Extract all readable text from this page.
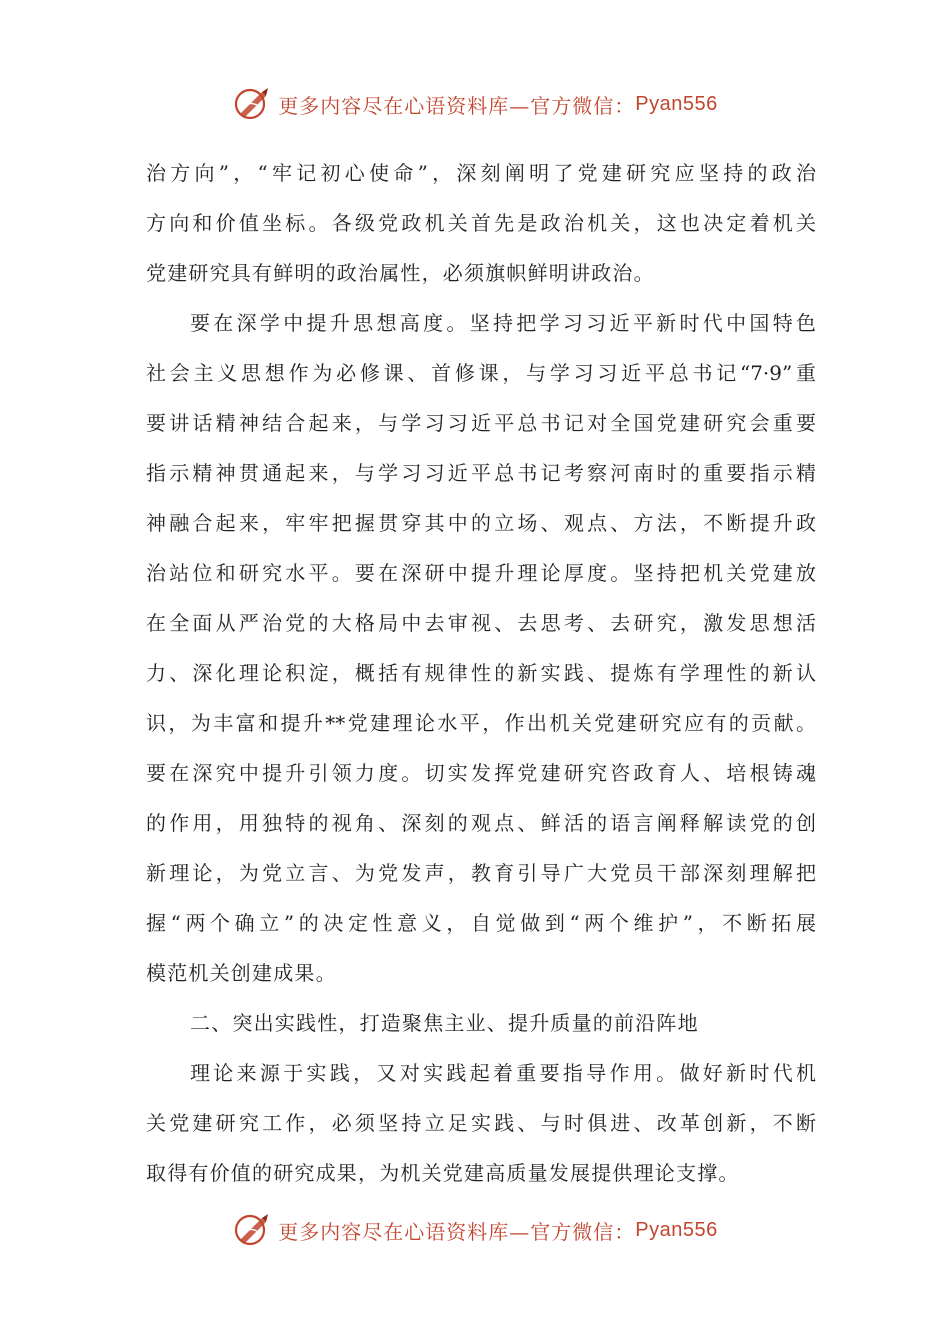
更多内容尽在心语资料库—官方微信： Pyan556
治方向”，“牢记初心使命”，深刻阐明了党建研究应坚持的政治
方向和价值坐标。各级党政机关首先是政治机关，这也决定着机关
党建研究具有鲜明的政治属性，必须旗帜鲜明讲政治。
要在深学中提升思想高度。坚持把学习习近平新时代中国特色
社会主义思想作为必修课、首修课，与学习习近平总书记“7·9”重
要讲话精神结合起来，与学习习近平总书记对全国党建研究会重要
指示精神贯通起来，与学习习近平总书记考察河南时的重要指示精
神融合起来，牢牢把握贯穿其中的立场、观点、方法，不断提升政
治站位和研究水平。要在深研中提升理论厚度。坚持把机关党建放
在全面从严治党的大格局中去审视、去思考、去研究，激发思想活
力、深化理论积淀，概括有规律性的新实践、提炼有学理性的新认
识，为丰富和提升**党建理论水平，作出机关党建研究应有的贡献。
要在深究中提升引领力度。切实发挥党建研究咨政育人、培根铸魂
的作用，用独特的视角、深刻的观点、鲜活的语言阐释解读党的创
新理论，为党立言、为党发声，教育引导广大党员干部深刻理解把
握“两个确立”的决定性意义，自觉做到“两个维护”，不断拓展
模范机关创建成果。
二、突出实践性，打造聚焦主业、提升质量的前沿阵地
理论来源于实践，又对实践起着重要指导作用。做好新时代机
关党建研究工作，必须坚持立足实践、与时俱进、改革创新，不断
取得有价值的研究成果，为机关党建高质量发展提供理论支撑。
更多内容尽在心语资料库—官方微信： Pyan556
